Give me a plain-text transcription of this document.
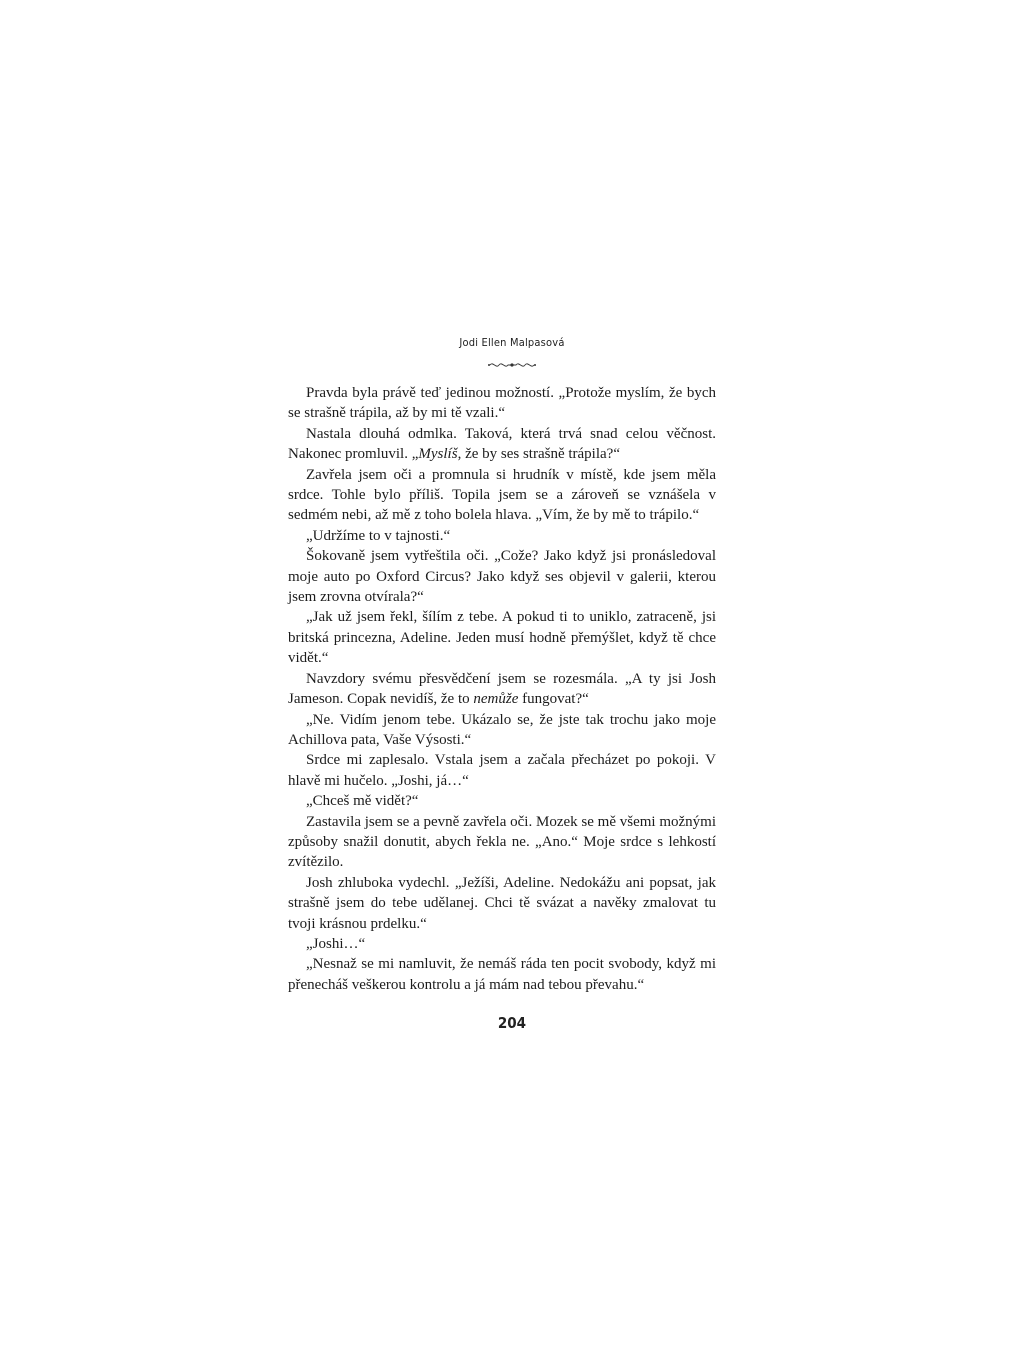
Jodi Ellen Malpasová

Pravda byla právě teď jedinou možností. „Protože myslím, že bych se strašně trápila, až by mi tě vzali.“

Nastala dlouhá odmlka. Taková, která trvá snad celou věčnost. Nakonec promluvil. „Myslíš, že by ses strašně trápila?“

Zavřela jsem oči a promnula si hrudník v místě, kde jsem měla srdce. Tohle bylo příliš. Topila jsem se a zároveň se vznášela v sedmém nebi, až mě z toho bolela hlava. „Vím, že by mě to trápilo.“

„Udržíme to v tajnosti.“

Šokovaně jsem vytřeštila oči. „Cože? Jako když jsi pronásledoval moje auto po Oxford Circus? Jako když ses objevil v galerii, kterou jsem zrovna otvírala?“

„Jak už jsem řekl, šílím z tebe. A pokud ti to uniklo, zatraceně, jsi britská princezna, Adeline. Jeden musí hodně přemýšlet, když tě chce vidět.“

Navzdory svému přesvědčení jsem se rozesmála. „A ty jsi Josh Jameson. Copak nevidíš, že to nemůže fungovat?“

„Ne. Vidím jenom tebe. Ukázalo se, že jste tak trochu jako moje Achillova pata, Vaše Výsosti.“

Srdce mi zaplesalo. Vstala jsem a začala přecházet po pokoji. V hlavě mi hučelo. „Joshi, já…“

„Chceš mě vidět?“

Zastavila jsem se a pevně zavřela oči. Mozek se mě všemi možnými způsoby snažil donutit, abych řekla ne. „Ano.“ Moje srdce s lehkostí zvítězilo.

Josh zhluboka vydechl. „Ježíši, Adeline. Nedokážu ani popsat, jak strašně jsem do tebe udělanej. Chci tě svázat a navěky zmalovat tu tvoji krásnou prdelku.“

„Joshi…“

„Nesnaž se mi namluvit, že nemáš ráda ten pocit svobody, když mi přenecháš veškerou kontrolu a já mám nad tebou převahu.“

204
